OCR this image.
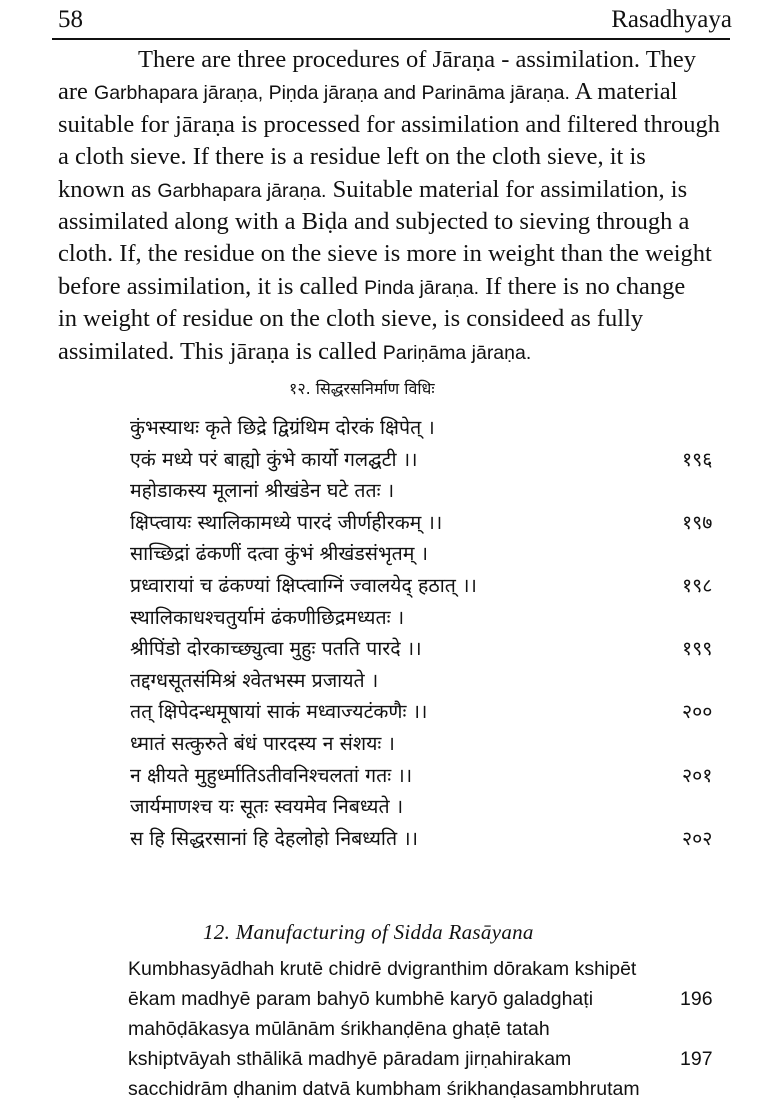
58	Rasadhyaya
There are three procedures of Jāraṇa - assimilation. They
are Garbhapara jāraṇa, Piṇda jāraṇa and Parināma jāraṇa. A material
suitable for jāraṇa is processed for assimilation and filtered through
a cloth sieve. If there is a residue left on the cloth sieve, it is
known as Garbhapara jāraṇa. Suitable material for assimilation, is
assimilated along with a Biḍa and subjected to sieving through a
cloth. If, the residue on the sieve is more in weight than the weight
before assimilation, it is called Pinda jāraṇa. If there is no change
in weight of residue on the cloth sieve, is consideed as fully
assimilated. This jāraṇa is called Pariṇāma jāraṇa.
१२. सिद्धरसनिर्माण विधिः
कुंभस्याथः कृते छिद्रे द्विग्रंथिम दोरकं क्षिपेत् ।
एकं मध्ये परं बाह्यो कुंभे कार्यो गलद्घटी ।।	१९६
महोडाकस्य मूलानां श्रीखंडेन घटे ततः ।
क्षिप्त्वायः स्थालिकामध्ये पारदं जीर्णहीरकम् ।।	१९७
साच्छिद्रां ढंकणीं दत्वा कुंभं श्रीखंडसंभृतम् ।
प्रध्वारायां च ढंकण्यां क्षिप्त्वाग्निं ज्वालयेद् हठात् ।।	१९८
स्थालिकाधश्चतुर्यामं ढंकणीछिद्रमध्यतः ।
श्रीपिंडो दोरकाच्छ्युत्वा मुहुः पतति पारदे ।।	१९९
तद्दग्धसूतसंमिश्रं श्वेतभस्म प्रजायते ।
तत् क्षिपेदन्धमूषायां साकं मध्वाज्यटंकणैः ।।	२००
ध्मातं सत्कुरुते बंधं पारदस्य न संशयः ।
न क्षीयते मुहुर्ध्मातिऽतीवनिश्चलतां गतः ।।	२०१
जार्यमाणश्च यः सूतः स्वयमेव निबध्यते ।
स हि सिद्धरसानां हि देहलोहो निबध्यति ।।	२०२
12. Manufacturing of Sidda Rasāyana
Kumbhasyādhah krutē chidrē dvigranthim dōrakam kshipēt
ēkam madhyē param bahyō kumbhē karyō galadghaṭi	196
mahōḍākasya mūlānām śrikhanḍēna ghaṭē tatah
kshiptvāyah sthālikā madhyē pāradam jirṇahirakam	197
sacchidrām ḍhanim datvā kumbham śrikhanḍasambhrutam
